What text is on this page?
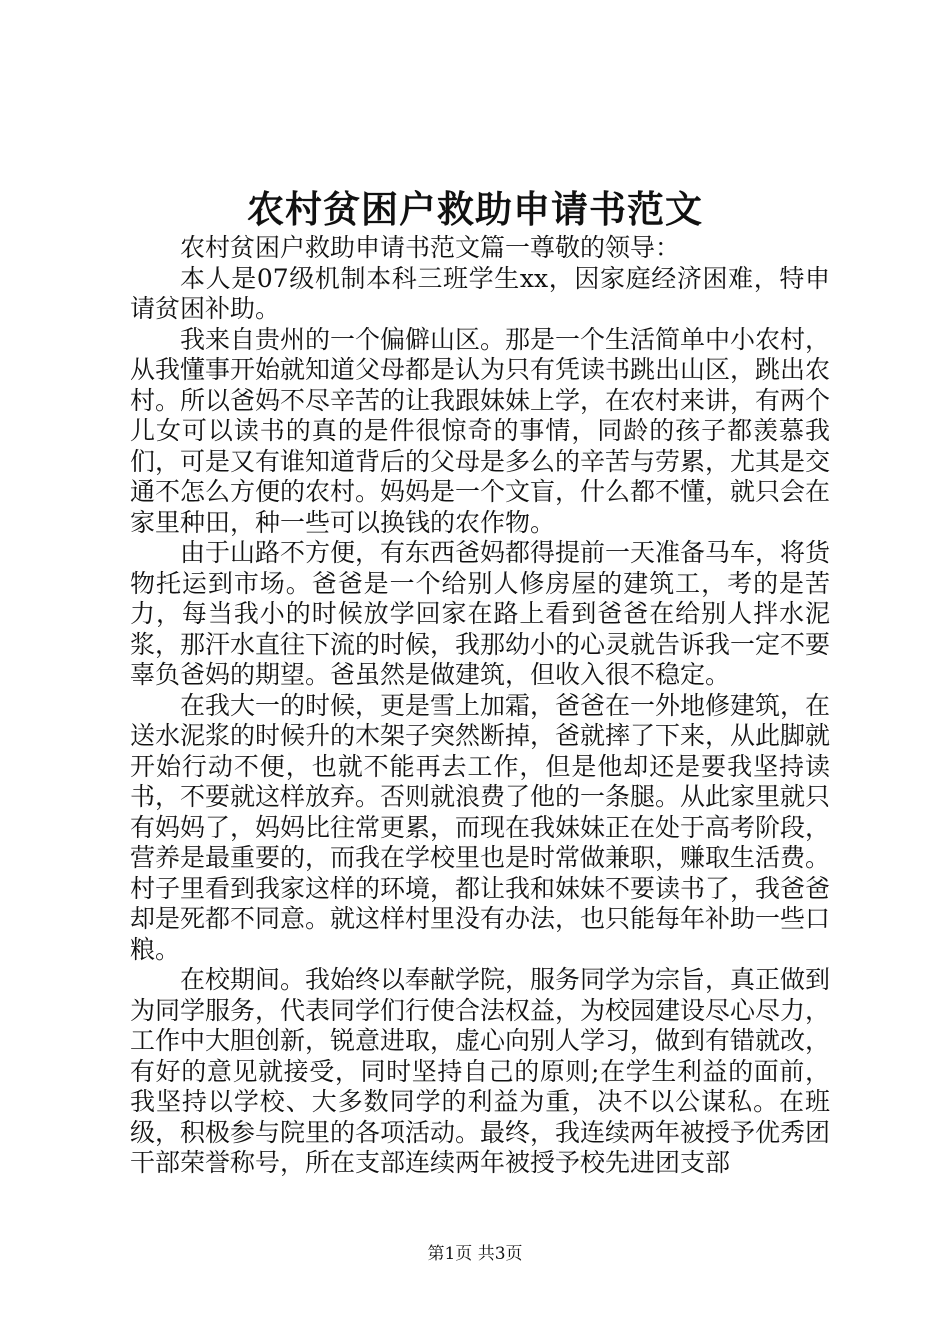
农村贫困户救助申请书范文

农村贫困户救助申请书范文篇一尊敬的领导：

本人是07级机制本科三班学生xx，因家庭经济困难，特申请贫困补助。

我来自贵州的一个偏僻山区。那是一个生活简单中小农村，从我懂事开始就知道父母都是认为只有凭读书跳出山区，跳出农村。所以爸妈不尽辛苦的让我跟妹妹上学，在农村来讲，有两个儿女可以读书的真的是件很惊奇的事情，同龄的孩子都羡慕我们，可是又有谁知道背后的父母是多么的辛苦与劳累，尤其是交通不怎么方便的农村。妈妈是一个文盲，什么都不懂，就只会在家里种田，种一些可以换钱的农作物。

由于山路不方便，有东西爸妈都得提前一天准备马车，将货物托运到市场。爸爸是一个给别人修房屋的建筑工，考的是苦力，每当我小的时候放学回家在路上看到爸爸在给别人拌水泥浆，那汗水直往下流的时候，我那幼小的心灵就告诉我一定不要辜负爸妈的期望。爸虽然是做建筑，但收入很不稳定。

在我大一的时候，更是雪上加霜，爸爸在一外地修建筑，在送水泥浆的时候升的木架子突然断掉，爸就摔了下来，从此脚就开始行动不便，也就不能再去工作，但是他却还是要我坚持读书，不要就这样放弃。否则就浪费了他的一条腿。从此家里就只有妈妈了，妈妈比往常更累，而现在我妹妹正在处于高考阶段，营养是最重要的，而我在学校里也是时常做兼职，赚取生活费。村子里看到我家这样的环境，都让我和妹妹不要读书了，我爸爸却是死都不同意。就这样村里没有办法，也只能每年补助一些口粮。

在校期间。我始终以奉献学院，服务同学为宗旨，真正做到为同学服务，代表同学们行使合法权益，为校园建设尽心尽力，工作中大胆创新，锐意进取，虚心向别人学习，做到有错就改，有好的意见就接受，同时坚持自己的原则;在学生利益的面前，我坚持以学校、大多数同学的利益为重，决不以公谋私。在班级，积极参与院里的各项活动。最终，我连续两年被授予优秀团干部荣誉称号，所在支部连续两年被授予校先进团支部

第1页 共3页
